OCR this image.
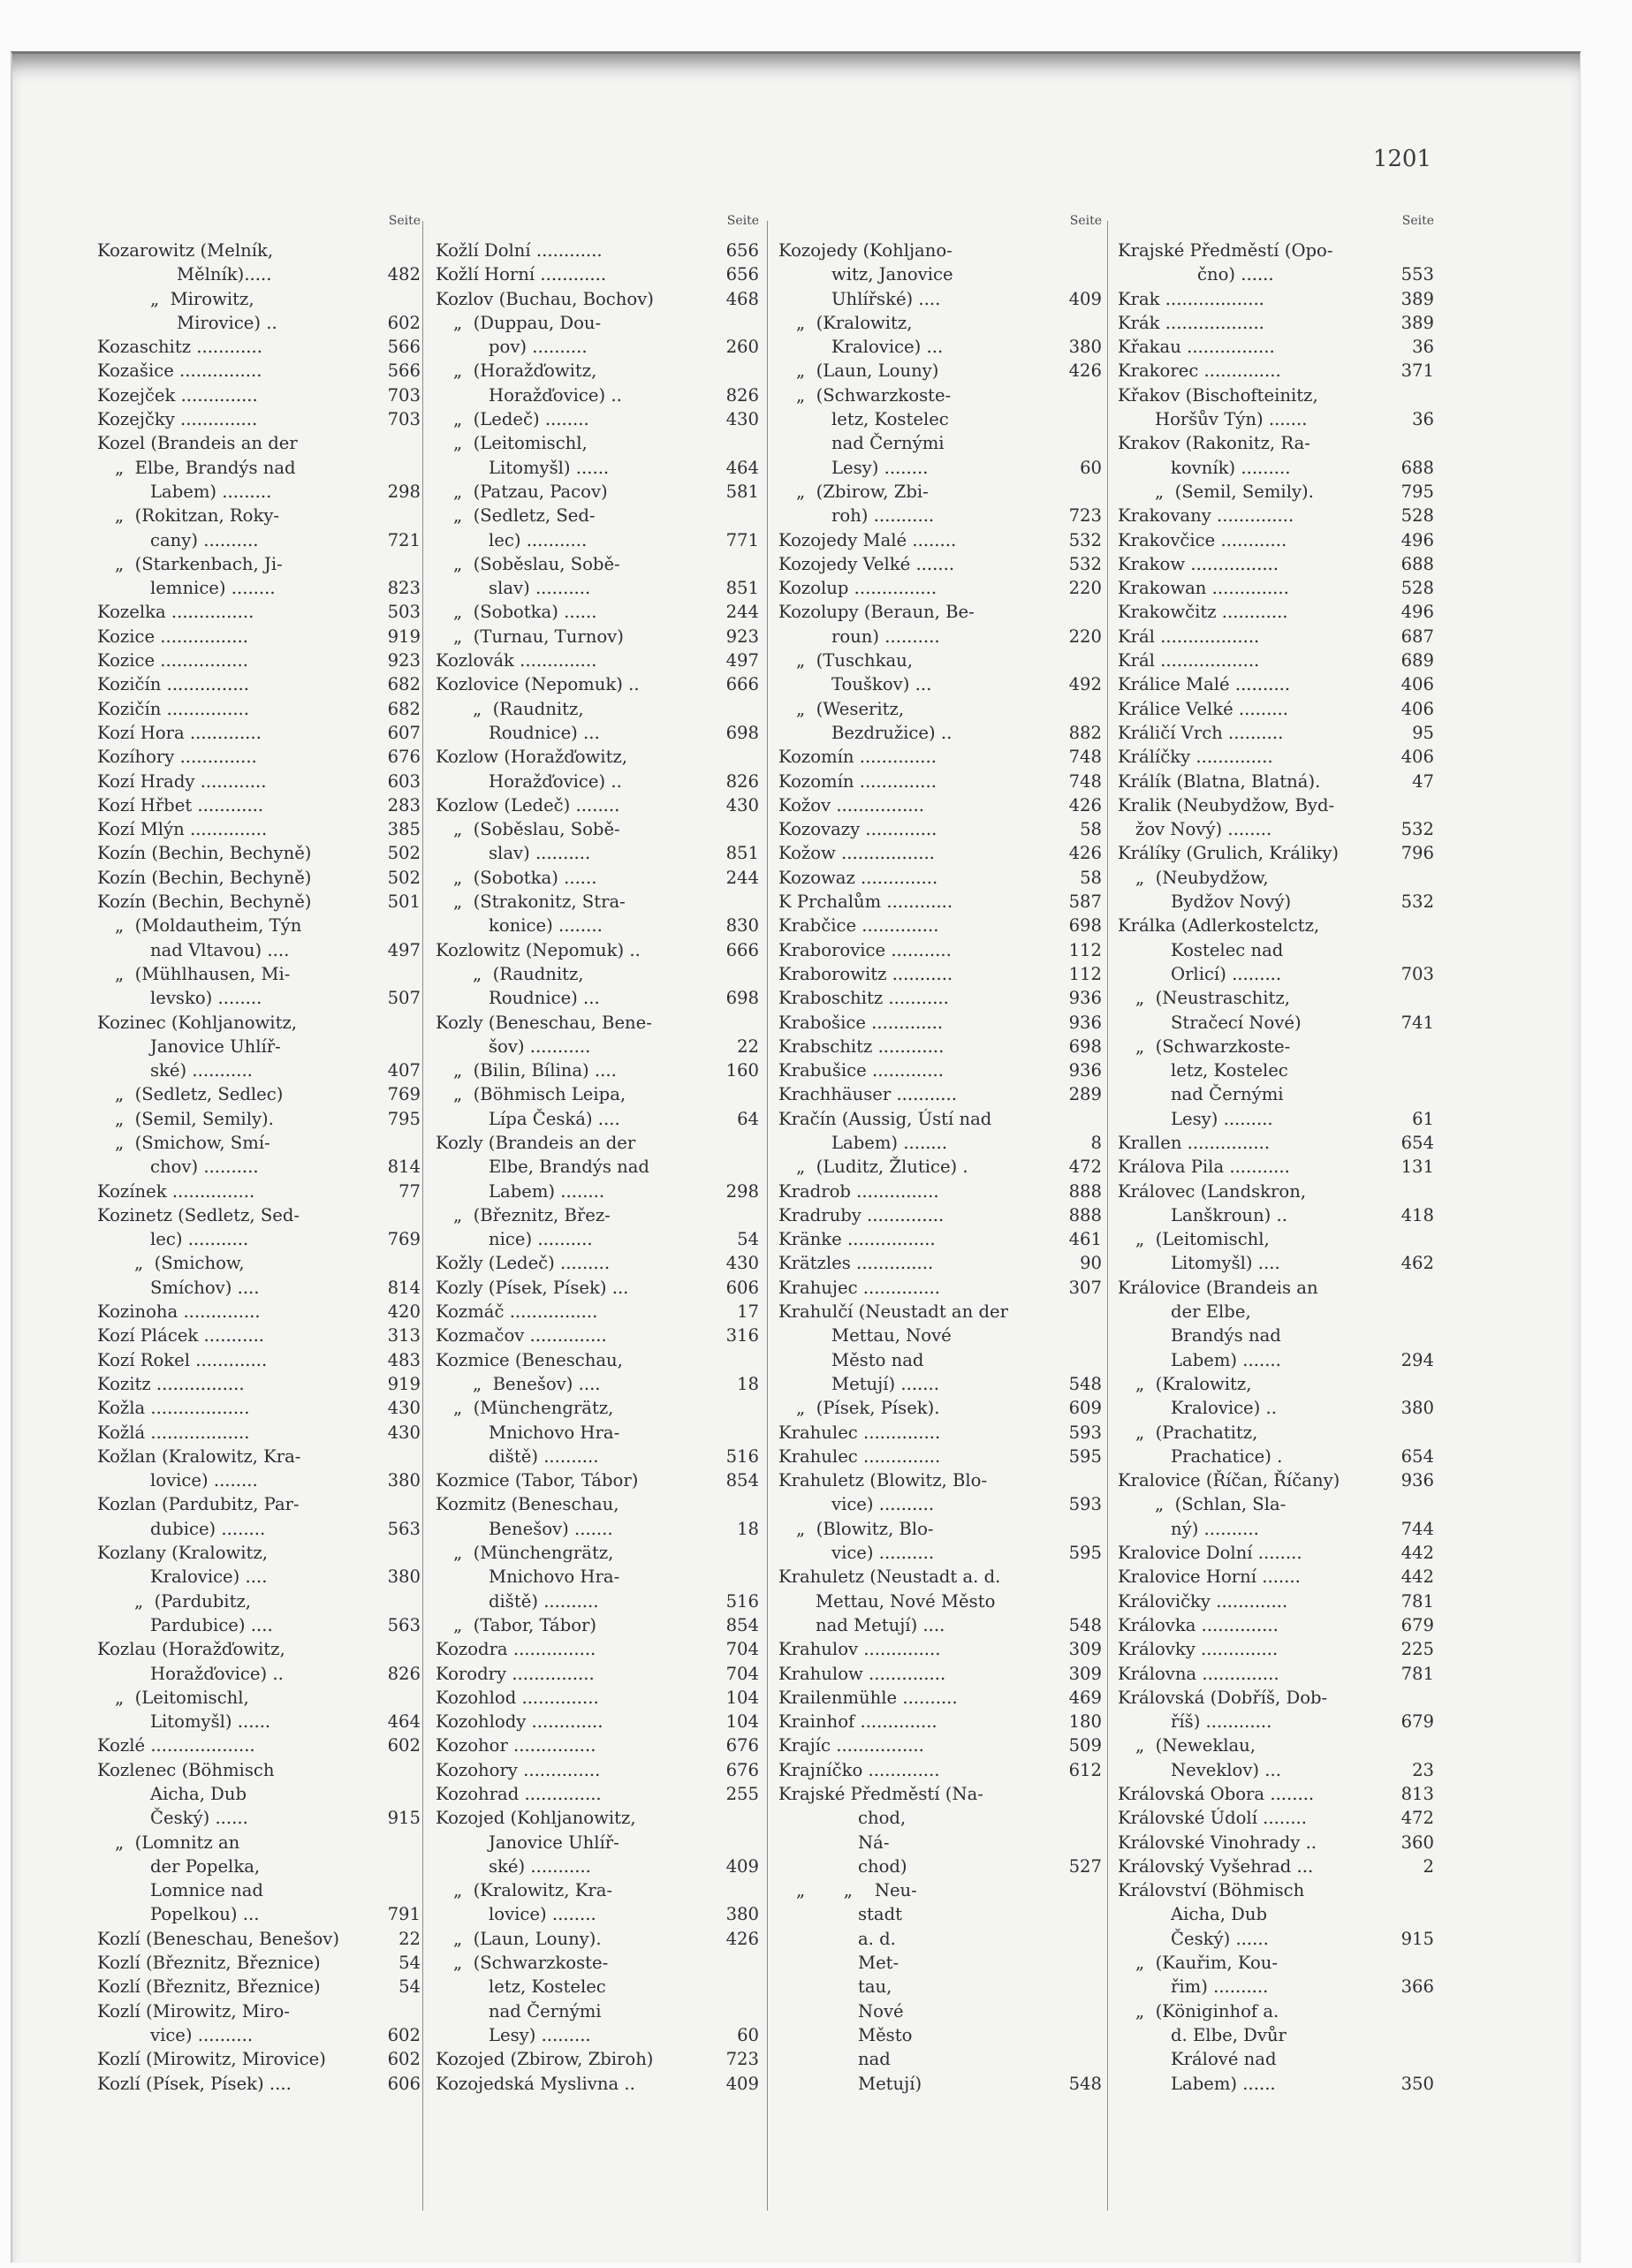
1201
Seite
Kozarowitz (Melník,
Mělník).....	482
„  Mirowitz,
Mirovice) ..	602
Kozaschitz ............	566
Kozašice ...............	566
Kozejček ..............	703
Kozejčky ..............	703
Kozel (Brandeis an der
„  Elbe, Brandýs nad
Labem) .........	298
„  (Rokitzan, Roky-
cany) ..........	721
„  (Starkenbach, Ji-
lemnice) ........	823
Kozelka ...............	503
Kozice ................	919
Kozice ................	923
Kozičín ...............	682
Kozičín ...............	682
Kozí Hora .............	607
Kozíhory ..............	676
Kozí Hrady ............	603
Kozí Hřbet ............	283
Kozí Mlýn ..............	385
Kozín (Bechin, Bechyně)	502
Kozín (Bechin, Bechyně)	502
Kozín (Bechin, Bechyně)	501
„  (Moldautheim, Týn
nad Vltavou) ....	497
„  (Mühlhausen, Mi-
levsko) ........	507
Kozinec (Kohljanowitz,
Janovice Uhlíř-
ské) ...........	407
„  (Sedletz, Sedlec)	769
„  (Semil, Semily).	795
„  (Smichow, Smí-
chov) ..........	814
Kozínek ...............	77
Kozinetz (Sedletz, Sed-
lec) ...........	769
„  (Smichow,
Smíchov) ....	814
Kozinoha ..............	420
Kozí Plácek ...........	313
Kozí Rokel .............	483
Kozitz ................	919
Kožla ..................	430
Kožlá ..................	430
Kožlan (Kralowitz, Kra-
lovice) ........	380
Kozlan (Pardubitz, Par-
dubice) ........	563
Kozlany (Kralowitz,
Kralovice) ....	380
„  (Pardubitz,
Pardubice) ....	563
Kozlau (Horažďowitz,
Horažďovice) ..	826
„  (Leitomischl,
Litomyšl) ......	464
Kozlé ...................	602
Kozlenec (Böhmisch
Aicha, Dub
Český) ......	915
„  (Lomnitz an
der Popelka,
Lomnice nad
Popelkou) ...	791
Kozlí (Beneschau, Benešov)	22
Kozlí (Březnitz, Březnice)	54
Kozlí (Březnitz, Březnice)	54
Kozlí (Mirowitz, Miro-
vice) ..........	602
Kozlí (Mirowitz, Mirovice)	602
Kozlí (Písek, Písek) ....	606
Seite
Kožlí Dolní ............	656
Kožlí Horní ............	656
Kozlov (Buchau, Bochov)	468
„  (Duppau, Dou-
pov) ..........	260
„  (Horažďowitz,
Horažďovice) ..	826
„  (Ledeč) ........	430
„  (Leitomischl,
Litomyšl) ......	464
„  (Patzau, Pacov)	581
„  (Sedletz, Sed-
lec) ...........	771
„  (Soběslau, Sobě-
slav) ..........	851
„  (Sobotka) ......	244
„  (Turnau, Turnov)	923
Kozlovák ..............	497
Kozlovice (Nepomuk) ..	666
„  (Raudnitz,
Roudnice) ...	698
Kozlow (Horažďowitz,
Horažďovice) ..	826
Kozlow (Ledeč) ........	430
„  (Soběslau, Sobě-
slav) ..........	851
„  (Sobotka) ......	244
„  (Strakonitz, Stra-
konice) ........	830
Kozlowitz (Nepomuk) ..	666
„  (Raudnitz,
Roudnice) ...	698
Kozly (Beneschau, Bene-
šov) ...........	22
„  (Bilin, Bílina) ....	160
„  (Böhmisch Leipa,
Lípa Česká) ....	64
Kozly (Brandeis an der
Elbe, Brandýs nad
Labem) ........	298
„  (Březnitz, Břez-
nice) ..........	54
Kožly (Ledeč) .........	430
Kozly (Písek, Písek) ...	606
Kozmáč ................	17
Kozmačov ..............	316
Kozmice (Beneschau,
„  Benešov) ....	18
„  (Münchengrätz,
Mnichovo Hra-
diště) ..........	516
Kozmice (Tabor, Tábor)	854
Kozmitz (Beneschau,
Benešov) .......	18
„  (Münchengrätz,
Mnichovo Hra-
diště) ..........	516
„  (Tabor, Tábor)	854
Kozodra ...............	704
Korodry ...............	704
Kozohlod ..............	104
Kozohlody .............	104
Kozohor ...............	676
Kozohory ..............	676
Kozohrad ..............	255
Kozojed (Kohljanowitz,
Janovice Uhlíř-
ské) ...........	409
„  (Kralowitz, Kra-
lovice) ........	380
„  (Laun, Louny).	426
„  (Schwarzkoste-
letz, Kostelec
nad Černými
Lesy) .........	60
Kozojed (Zbirow, Zbiroh)	723
Kozojedská Myslivna ..	409
Seite
Kozojedy (Kohljano-
witz, Janovice
Uhlířské) ....	409
„  (Kralowitz,
Kralovice) ...	380
„  (Laun, Louny)	426
„  (Schwarzkoste-
letz, Kostelec
nad Černými
Lesy) ........	60
„  (Zbirow, Zbi-
roh) ...........	723
Kozojedy Malé ........	532
Kozojedy Velké .......	532
Kozolup ...............	220
Kozolupy (Beraun, Be-
roun) ..........	220
„  (Tuschkau,
Touškov) ...	492
„  (Weseritz,
Bezdružice) ..	882
Kozomín ..............	748
Kozomín ..............	748
Kožov ................	426
Kozovazy .............	58
Kožow .................	426
Kozowaz ..............	58
K Prchalům ............	587
Krabčice ..............	698
Kraborovice ...........	112
Kraborowitz ...........	112
Kraboschitz ...........	936
Krabošice .............	936
Krabschitz ............	698
Krabušice .............	936
Krachhäuser ...........	289
Kračín (Aussig, Ústí nad
Labem) ........	8
„  (Luditz, Žlutice) .	472
Kradrob ...............	888
Kradruby ..............	888
Kränke ................	461
Krätzles ..............	90
Krahujec ..............	307
Krahulčí (Neustadt an der
Mettau, Nové
Město nad
Metují) .......	548
„  (Písek, Písek).	609
Krahulec ..............	593
Krahulec ..............	595
Krahuletz (Blowitz, Blo-
vice) ..........	593
„  (Blowitz, Blo-
vice) ..........	595
Krahuletz (Neustadt a. d.
Mettau, Nové Město
nad Metují) ....	548
Krahulov ..............	309
Krahulow ..............	309
Krailenmühle ..........	469
Krainhof ..............	180
Krajíc ................	509
Krajníčko .............	612
Krajské Předměstí (Na-
chod,
Ná-
chod)	527
„       „    Neu-
stadt
a. d.
Met-
tau,
Nové
Město
nad
Metují)	548
Seite
Krajské Předměstí (Opo-
čno) ......	553
Krak ..................	389
Krák ..................	389
Křakau ................	36
Krakorec ..............	371
Křakov (Bischofteinitz,
Horšův Týn) .......	36
Krakov (Rakonitz, Ra-
kovník) .........	688
„  (Semil, Semily).	795
Krakovany ..............	528
Krakovčice ............	496
Krakow ................	688
Krakowan ..............	528
Krakowčitz ............	496
Král ..................	687
Král ..................	689
Králice Malé ..........	406
Králice Velké .........	406
Králičí Vrch ..........	95
Králíčky ..............	406
Králík (Blatna, Blatná).	47
Kralik (Neubydžow, Byd-
žov Nový) ........	532
Králíky (Grulich, Králiky)	796
„  (Neubydžow,
Bydžov Nový)	532
Králka (Adlerkostelctz,
Kostelec nad
Orlicí) .........	703
„  (Neustraschitz,
Stračecí Nové)	741
„  (Schwarzkoste-
letz, Kostelec
nad Černými
Lesy) .........	61
Krallen ...............	654
Králova Pila ...........	131
Královec (Landskron,
Lanškroun) ..	418
„  (Leitomischl,
Litomyšl) ....	462
Královice (Brandeis an
der Elbe,
Brandýs nad
Labem) .......	294
„  (Kralowitz,
Kralovice) ..	380
„  (Prachatitz,
Prachatice) .	654
Kralovice (Říčan, Říčany)	936
„  (Schlan, Sla-
ný) ..........	744
Kralovice Dolní ........	442
Kralovice Horní .......	442
Královičky .............	781
Královka ..............	679
Královky ..............	225
Královna ..............	781
Královská (Dobříš, Dob-
říš) ............	679
„  (Neweklau,
Neveklov) ...	23
Královská Obora ........	813
Královské Údolí ........	472
Královské Vinohrady ..	360
Královský Vyšehrad ...	2
Království (Böhmisch
Aicha, Dub
Český) ......	915
„  (Kauřim, Kou-
řim) ..........	366
„  (Königinhof a.
d. Elbe, Dvůr
Králové nad
Labem) ......	350
